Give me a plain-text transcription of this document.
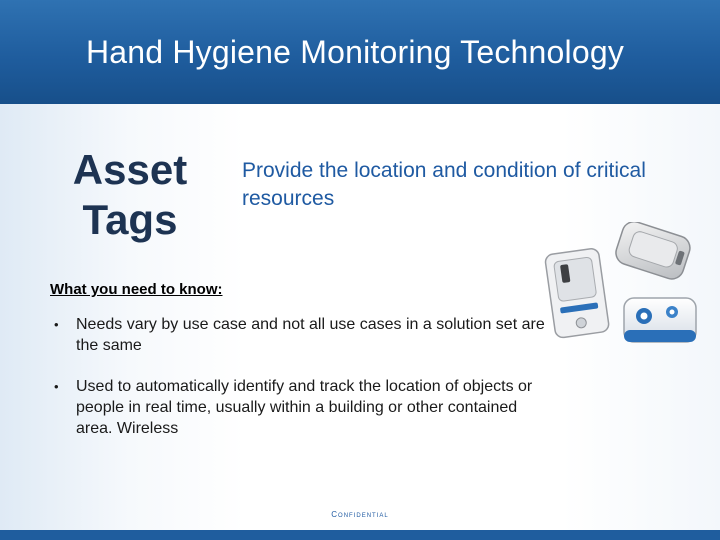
Hand Hygiene Monitoring Technology
Asset
Tags
Provide the location and condition of critical resources
What you need to know:
• Needs vary by use case and not all use cases in a solution set are the same
• Used to automatically identify and track the location of objects or people in real time, usually within a building or other contained area. Wireless
Confidential
